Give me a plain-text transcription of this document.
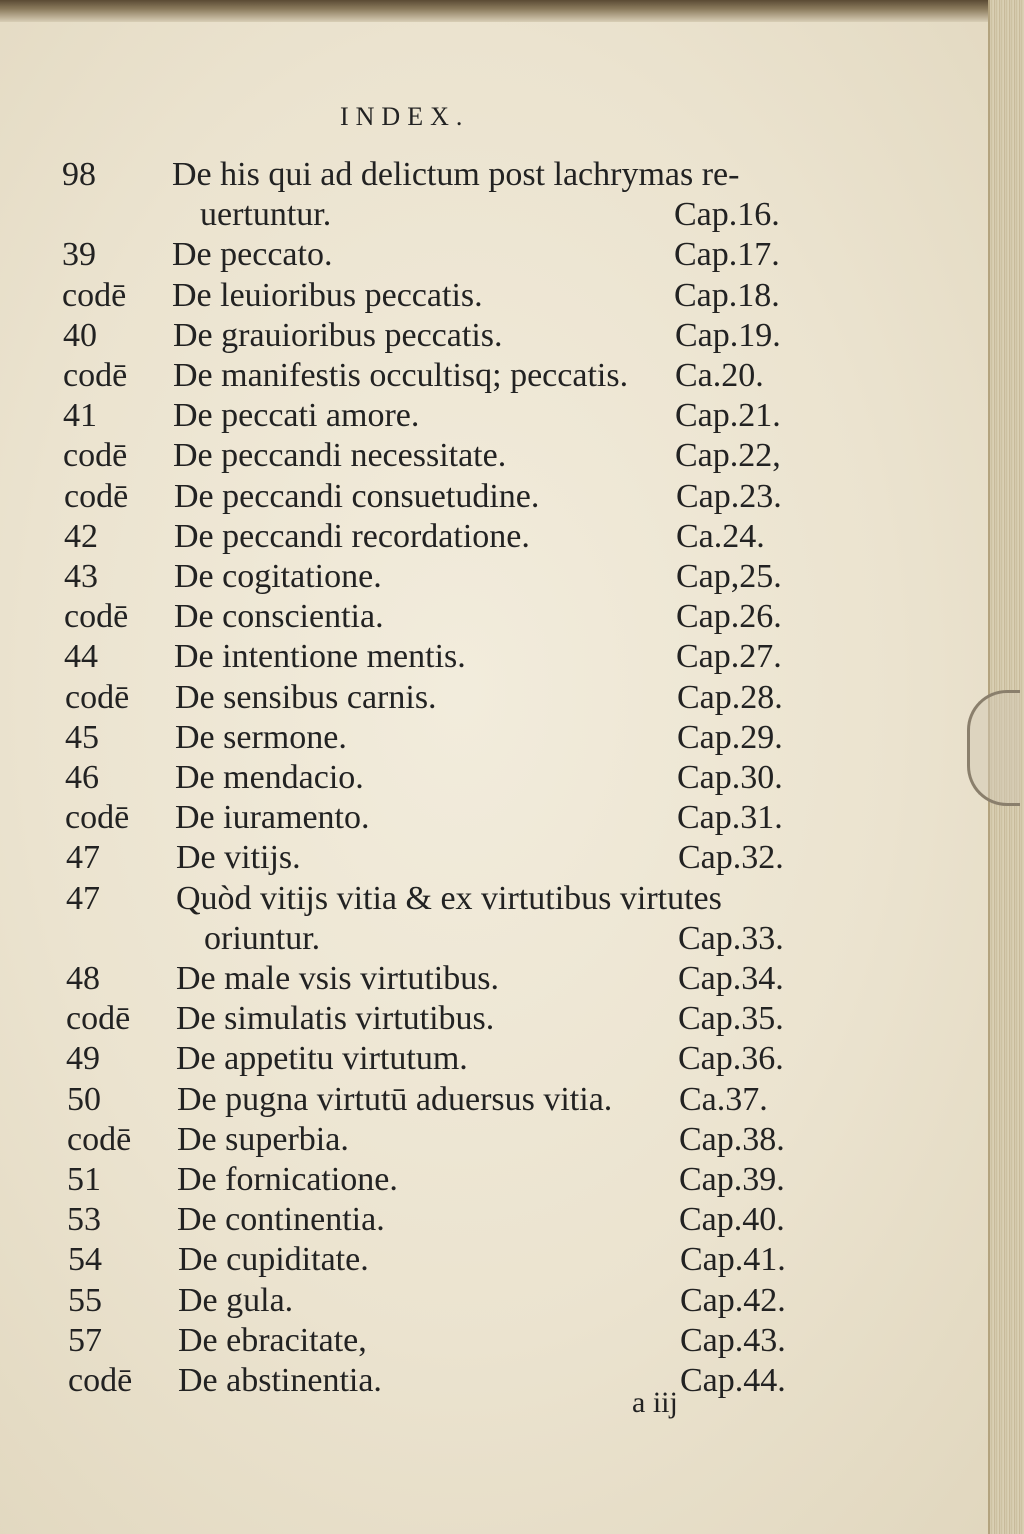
INDEX.
98	De his qui ad delictum post lachrymas re-
uertuntur.	Cap.16.
39	De peccato.	Cap.17.
codē	De leuioribus peccatis.	Cap.18.
40	De grauioribus peccatis.	Cap.19.
codē	De manifestis occultisq; peccatis. Ca.20.
41	De peccati amore.	Cap.21.
codē	De peccandi necessitate.	Cap.22,
codē	De peccandi consuetudine.	Cap.23.
42	De peccandi recordatione.	Ca.24.
43	De cogitatione.	Cap,25.
codē	De conscientia.	Cap.26.
44	De intentione mentis.	Cap.27.
codē	De sensibus carnis.	Cap.28.
45	De sermone.	Cap.29.
46	De mendacio.	Cap.30.
codē	De iuramento.	Cap.31.
47	De vitijs.	Cap.32.
47	Quòd vitijs vitia & ex virtutibus virtutes
oriuntur.	Cap.33.
48	De male vsis virtutibus.	Cap.34.
codē	De simulatis virtutibus.	Cap.35.
49	De appetitu virtutum.	Cap.36.
50	De pugna virtutū aduersus vitia. Ca.37.
codē	De superbia.	Cap.38.
51	De fornicatione.	Cap.39.
53	De continentia.	Cap.40.
54	De cupiditate.	Cap.41.
55	De gula.	Cap.42.
57	De ebracitate,	Cap.43.
codē	De abstinentia.	Cap.44.
a iij
